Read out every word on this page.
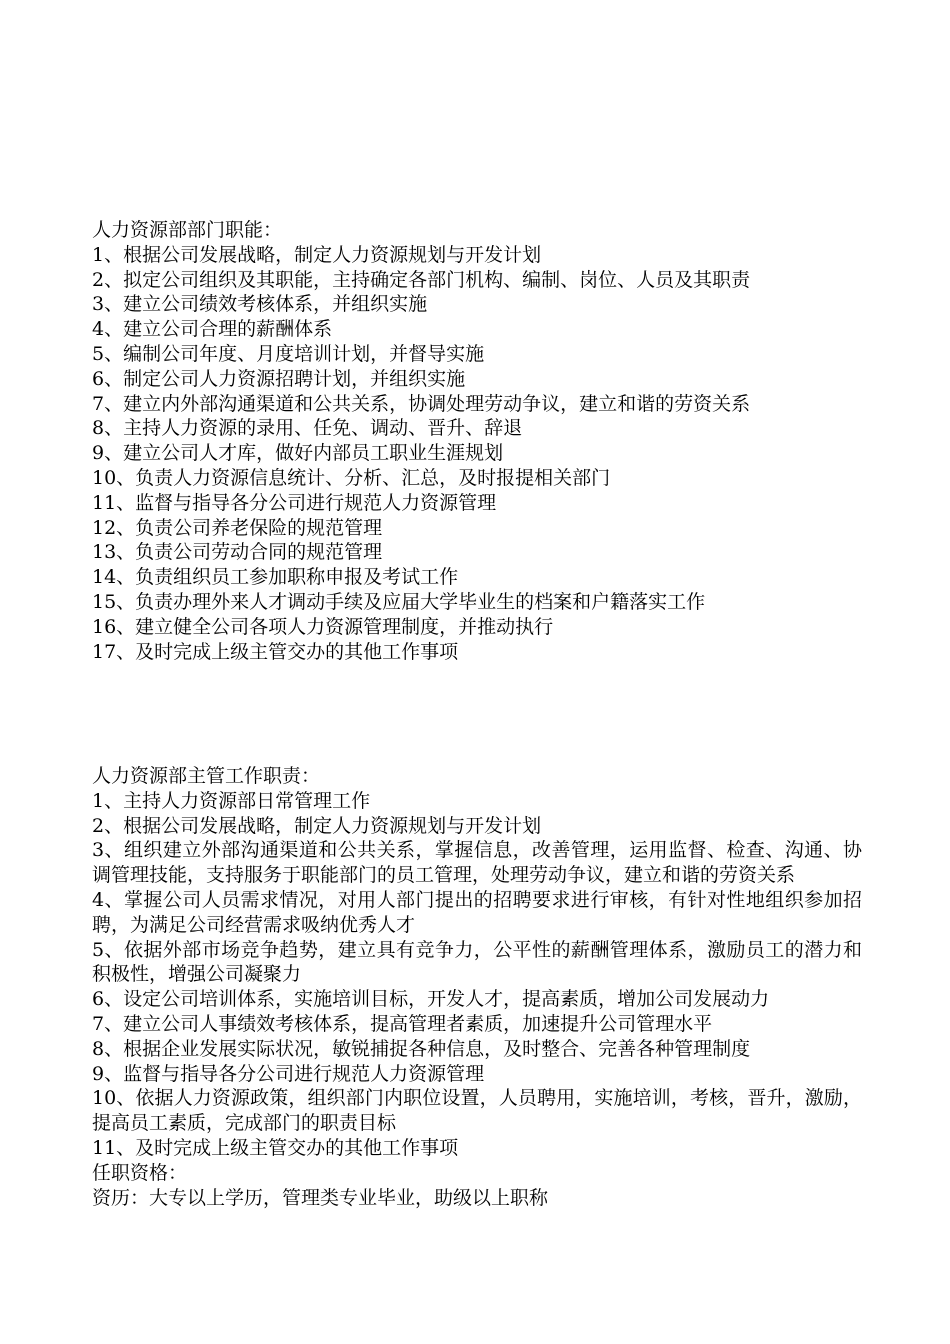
人力资源部部门职能：
1、根据公司发展战略，制定人力资源规划与开发计划
2、拟定公司组织及其职能，主持确定各部门机构、编制、岗位、人员及其职责
3、建立公司绩效考核体系，并组织实施
4、建立公司合理的薪酬体系
5、编制公司年度、月度培训计划，并督导实施
6、制定公司人力资源招聘计划，并组织实施
7、建立内外部沟通渠道和公共关系，协调处理劳动争议，建立和谐的劳资关系
8、主持人力资源的录用、任免、调动、晋升、辞退
9、建立公司人才库，做好内部员工职业生涯规划
10、负责人力资源信息统计、分析、汇总，及时报提相关部门
11、监督与指导各分公司进行规范人力资源管理
12、负责公司养老保险的规范管理
13、负责公司劳动合同的规范管理
14、负责组织员工参加职称申报及考试工作
15、负责办理外来人才调动手续及应届大学毕业生的档案和户籍落实工作
16、建立健全公司各项人力资源管理制度，并推动执行
17、及时完成上级主管交办的其他工作事项
人力资源部主管工作职责：
1、主持人力资源部日常管理工作
2、根据公司发展战略，制定人力资源规划与开发计划
3、组织建立外部沟通渠道和公共关系，掌握信息，改善管理，运用监督、检查、沟通、协调管理技能，支持服务于职能部门的员工管理，处理劳动争议，建立和谐的劳资关系
4、掌握公司人员需求情况，对用人部门提出的招聘要求进行审核，有针对性地组织参加招聘，为满足公司经营需求吸纳优秀人才
5、依据外部市场竞争趋势，建立具有竞争力，公平性的薪酬管理体系，激励员工的潜力和积极性，增强公司凝聚力
6、设定公司培训体系，实施培训目标，开发人才，提高素质，增加公司发展动力
7、建立公司人事绩效考核体系，提高管理者素质，加速提升公司管理水平
8、根据企业发展实际状况，敏锐捕捉各种信息，及时整合、完善各种管理制度
9、监督与指导各分公司进行规范人力资源管理
10、依据人力资源政策，组织部门内职位设置，人员聘用，实施培训，考核，晋升，激励，提高员工素质，完成部门的职责目标
11、及时完成上级主管交办的其他工作事项
任职资格：
资历：大专以上学历，管理类专业毕业，助级以上职称
